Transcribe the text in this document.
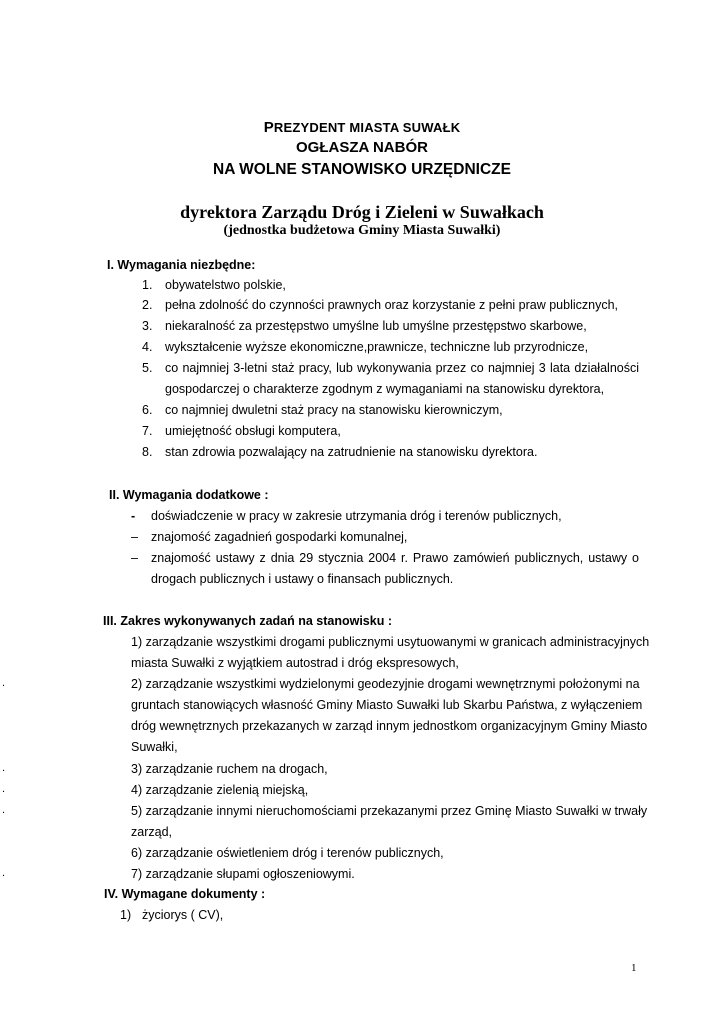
PREZYDENT MIASTA SUWAŁK
OGŁASZA NABÓR
NA WOLNE STANOWISKO URZĘDNICZE
dyrektora Zarządu Dróg i Zieleni w Suwałkach
(jednostka budżetowa Gminy Miasta Suwałki)
I. Wymagania niezbędne:
1. obywatelstwo polskie,
2. pełna zdolność do czynności prawnych oraz korzystanie z pełni praw publicznych,
3. niekaralność za przestępstwo umyślne lub umyślne przestępstwo skarbowe,
4. wykształcenie wyższe ekonomiczne,prawnicze, techniczne lub przyrodnicze,
5. co najmniej 3-letni staż pracy, lub wykonywania przez co najmniej 3 lata działalności
gospodarczej o charakterze zgodnym z wymaganiami na stanowisku dyrektora,
6. co najmniej dwuletni staż pracy na stanowisku kierowniczym,
7. umiejętność obsługi komputera,
8. stan zdrowia pozwalający na zatrudnienie na stanowisku dyrektora.
II. Wymagania dodatkowe :
- doświadczenie w pracy w zakresie utrzymania dróg i terenów publicznych,
– znajomość zagadnień gospodarki komunalnej,
– znajomość ustawy z dnia 29 stycznia 2004 r. Prawo zamówień publicznych, ustawy o
drogach publicznych i ustawy o finansach publicznych.
III. Zakres wykonywanych zadań na stanowisku :
1) zarządzanie wszystkimi drogami publicznymi usytuowanymi w granicach administracyjnych
miasta Suwałki z wyjątkiem autostrad i dróg ekspresowych,
.	2) zarządzanie wszystkimi wydzielonymi geodezyjnie drogami wewnętrznymi położonymi na
gruntach stanowiących własność Gminy Miasto Suwałki lub Skarbu Państwa, z wyłączeniem
dróg wewnętrznych przekazanych w zarząd innym jednostkom organizacyjnym Gminy Miasto
Suwałki,
.	3) zarządzanie ruchem na drogach,
.	4) zarządzanie zielenią miejską,
.	5) zarządzanie innymi nieruchomościami przekazanymi przez Gminę Miasto Suwałki w trwały
zarząd,
6) zarządzanie oświetleniem dróg i terenów publicznych,
.	7) zarządzanie słupami ogłoszeniowymi.
IV. Wymagane dokumenty :
1) życiorys ( CV),
1
